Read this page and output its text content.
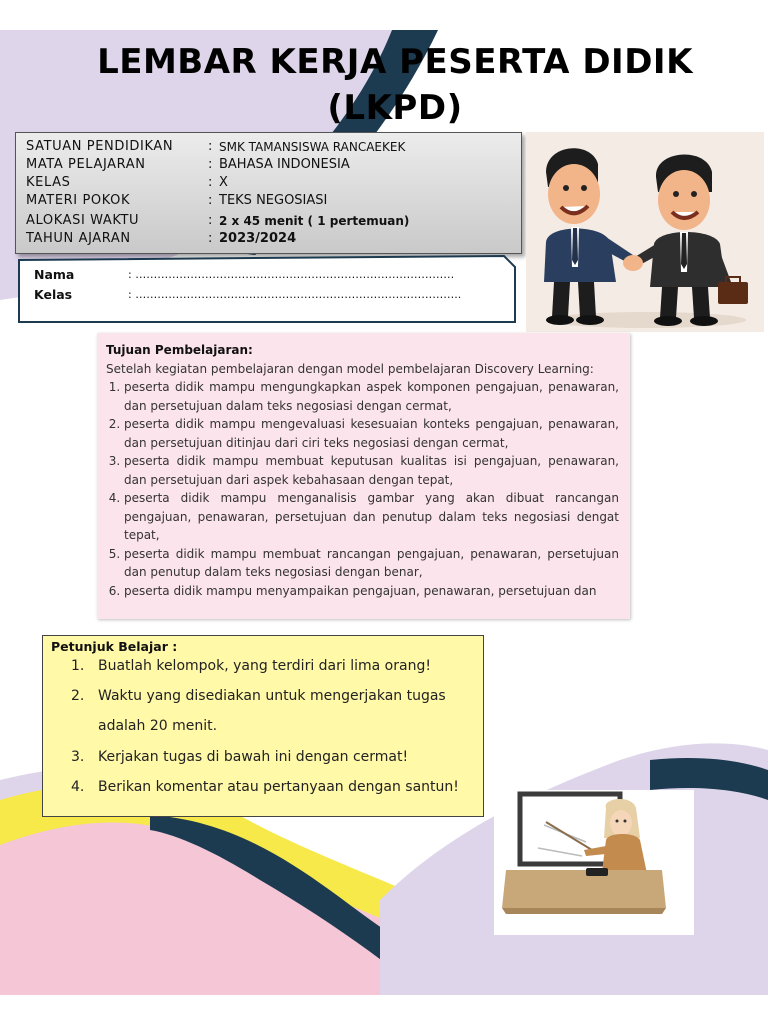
LEMBAR KERJA PESERTA DIDIK
(LKPD)
SATUAN PENDIDIKAN	: SMK TAMANSISWA RANCAEKEK
MATA PELAJARAN	: BAHASA INDONESIA
KELAS	: X
MATERI POKOK	: TEKS NEGOSIASI
ALOKASI WAKTU	: 2 x 45 menit ( 1 pertemuan)
TAHUN AJARAN	: 2023/2024
Nama	: ……………………………………………………………………………
Kelas	: ……………………………………………………………………………..
Tujuan Pembelajaran:
Setelah kegiatan pembelajaran dengan model pembelajaran Discovery Learning:
1. peserta didik mampu mengungkapkan aspek komponen pengajuan, penawaran, dan persetujuan dalam teks negosiasi dengan cermat,
2. peserta didik mampu mengevaluasi kesesuaian konteks pengajuan, penawaran, dan persetujuan ditinjau dari ciri teks negosiasi dengan cermat,
3. peserta didik mampu membuat keputusan kualitas isi pengajuan, penawaran, dan persetujuan dari aspek kebahasaan dengan tepat,
4. peserta didik mampu menganalisis gambar yang akan dibuat rancangan pengajuan, penawaran, persetujuan dan penutup dalam teks negosiasi dengat tepat,
5. peserta didik mampu membuat rancangan pengajuan, penawaran, persetujuan dan penutup dalam teks negosiasi dengan benar,
6. peserta didik mampu menyampaikan pengajuan, penawaran, persetujuan dan
Petunjuk Belajar :
1. Buatlah kelompok, yang terdiri dari lima orang!
2. Waktu yang disediakan untuk mengerjakan tugas
adalah 20 menit.
3. Kerjakan tugas di bawah ini dengan cermat!
4. Berikan komentar atau pertanyaan dengan santun!
